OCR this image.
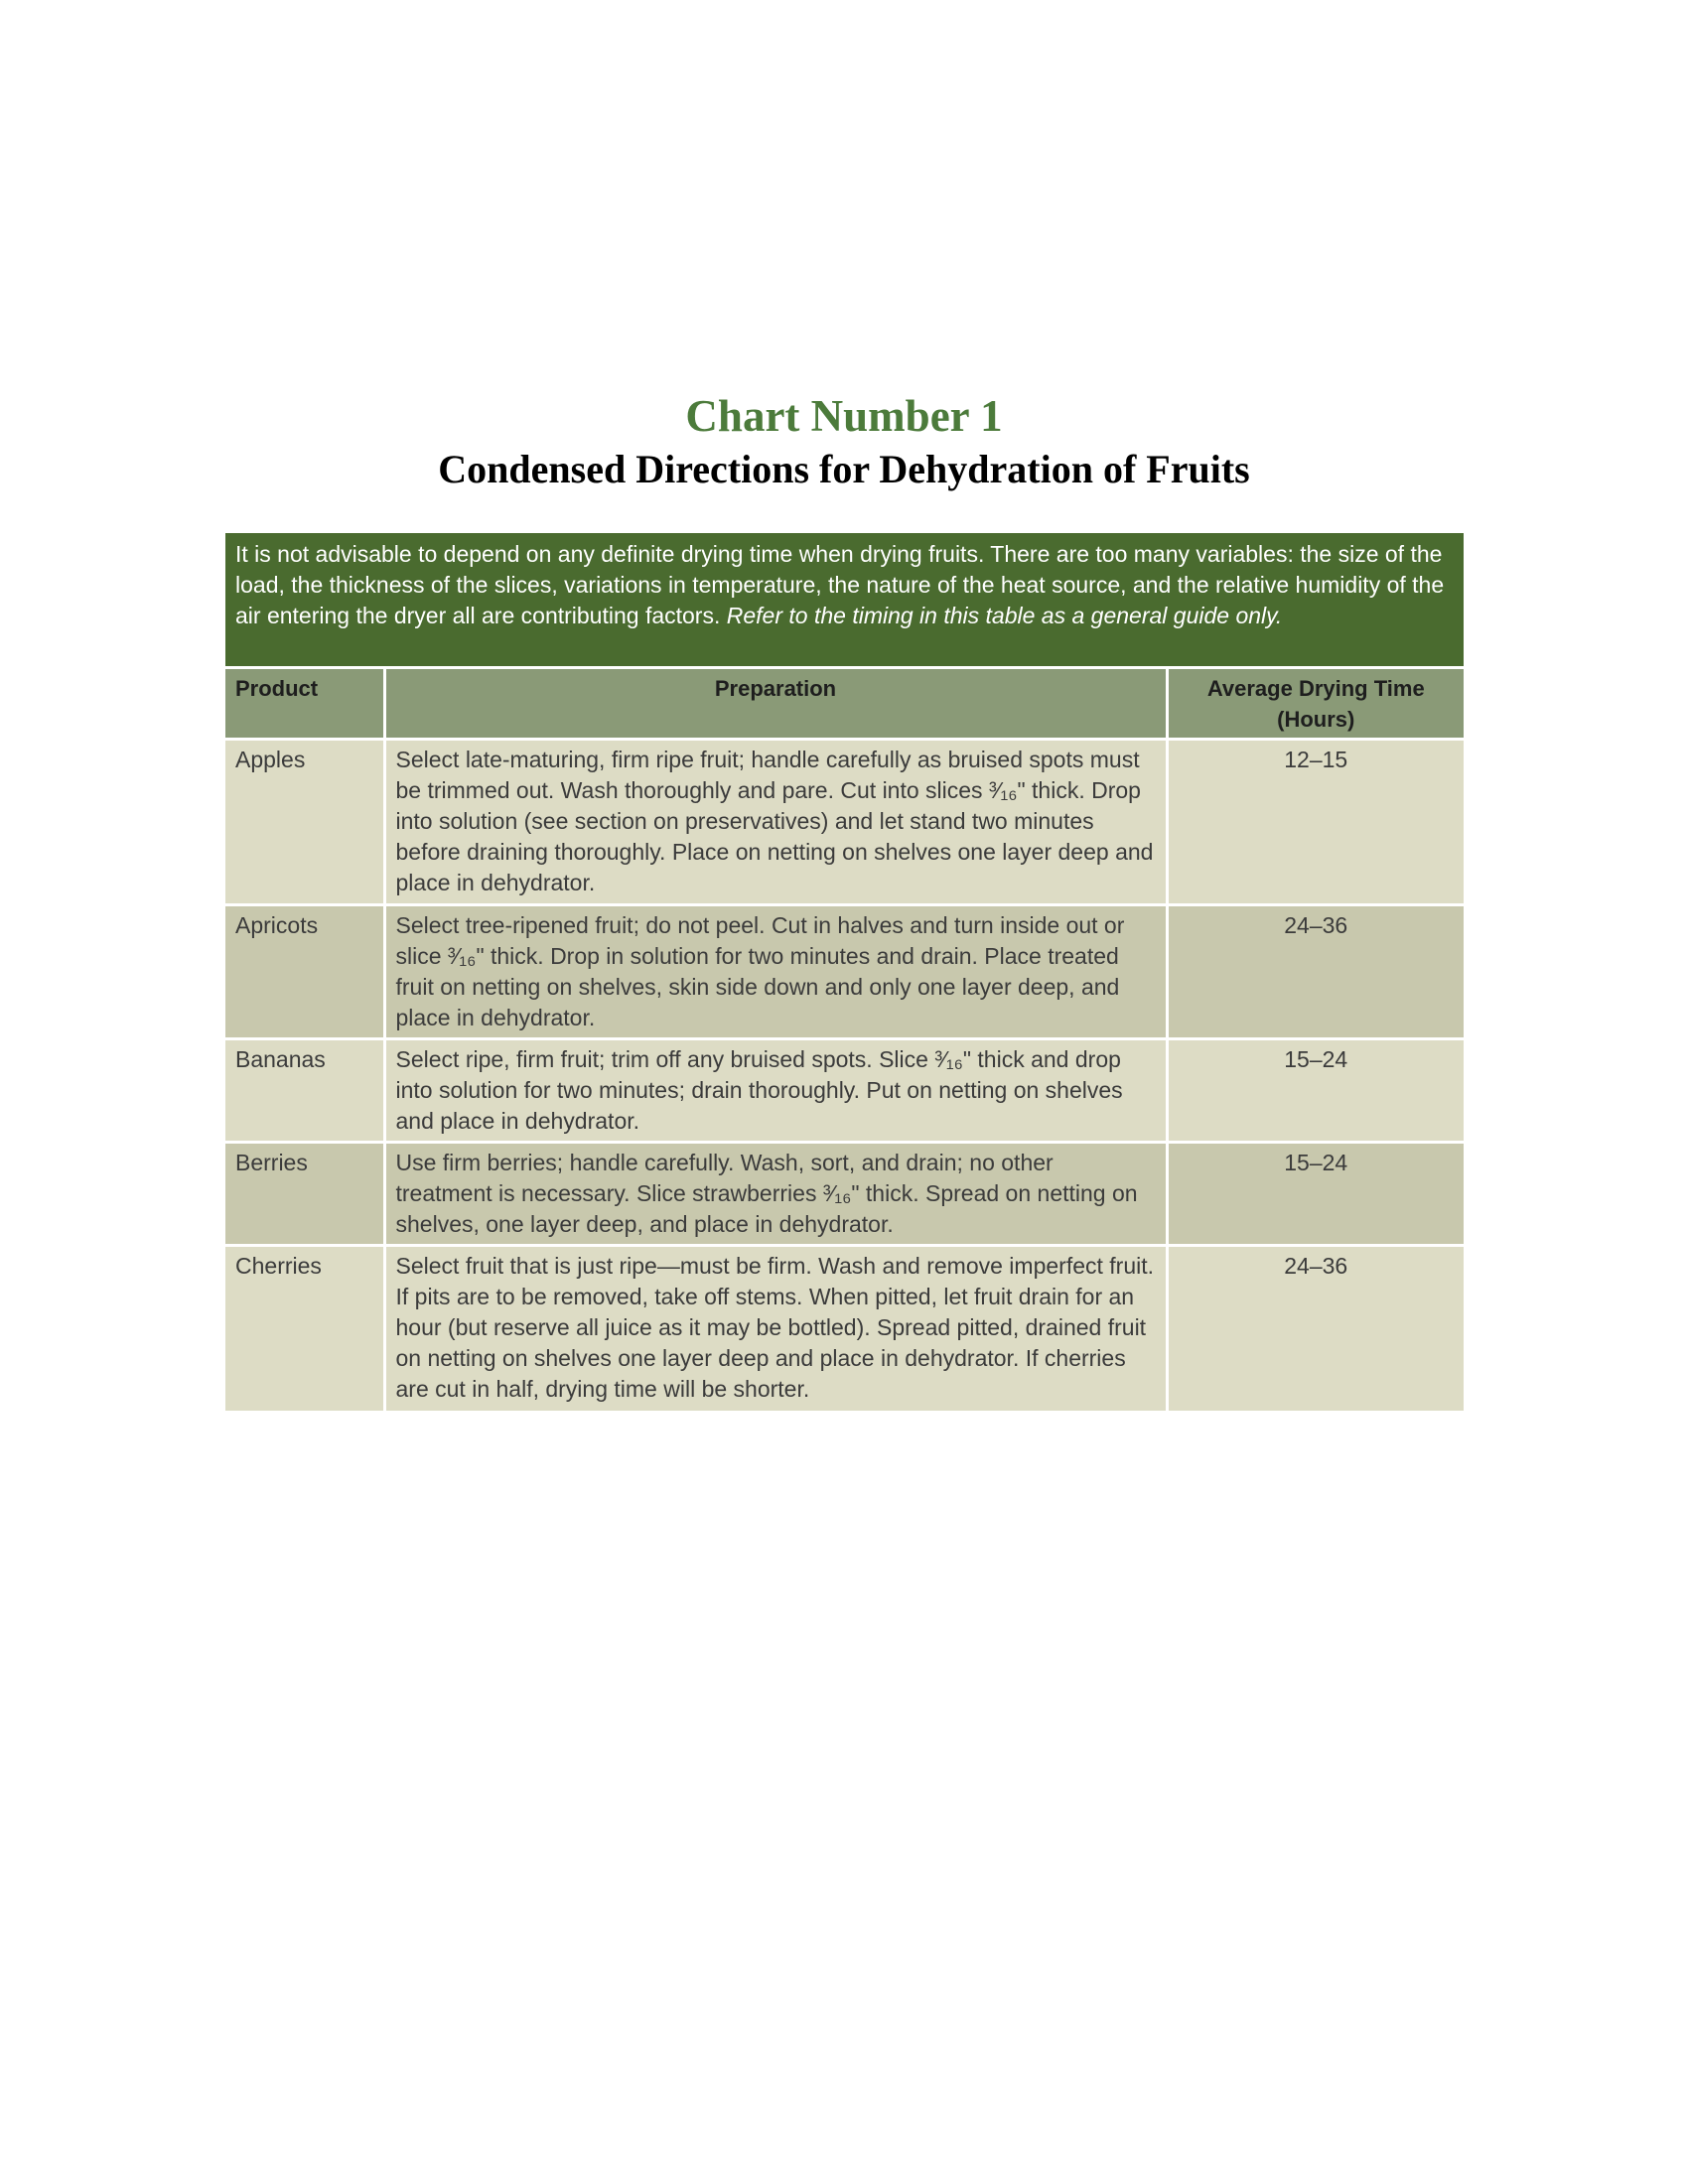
Chart Number 1
Condensed Directions for Dehydration of Fruits
It is not advisable to depend on any definite drying time when drying fruits. There are too many variables: the size of the load, the thickness of the slices, variations in temperature, the nature of the heat source, and the relative humidity of the air entering the dryer all are contributing factors. Refer to the timing in this table as a general guide only.
Product	Preparation	Average Drying Time (Hours)
Apples	Select late-maturing, firm ripe fruit; handle carefully as bruised spots must be trimmed out. Wash thoroughly and pare. Cut into slices ³⁄₁₆" thick. Drop into solution (see section on preservatives) and let stand two minutes before draining thoroughly. Place on netting on shelves one layer deep and place in dehydrator.	12–15
Apricots	Select tree-ripened fruit; do not peel. Cut in halves and turn inside out or slice ³⁄₁₆" thick. Drop in solution for two minutes and drain. Place treated fruit on netting on shelves, skin side down and only one layer deep, and place in dehydrator.	24–36
Bananas	Select ripe, firm fruit; trim off any bruised spots. Slice ³⁄₁₆" thick and drop into solution for two minutes; drain thoroughly. Put on netting on shelves and place in dehydrator.	15–24
Berries	Use firm berries; handle carefully. Wash, sort, and drain; no other treatment is necessary. Slice strawberries ³⁄₁₆" thick. Spread on netting on shelves, one layer deep, and place in dehydrator.	15–24
Cherries	Select fruit that is just ripe—must be firm. Wash and remove imperfect fruit. If pits are to be removed, take off stems. When pitted, let fruit drain for an hour (but reserve all juice as it may be bottled). Spread pitted, drained fruit on netting on shelves one layer deep and place in dehydrator. If cherries are cut in half, drying time will be shorter.	24–36
